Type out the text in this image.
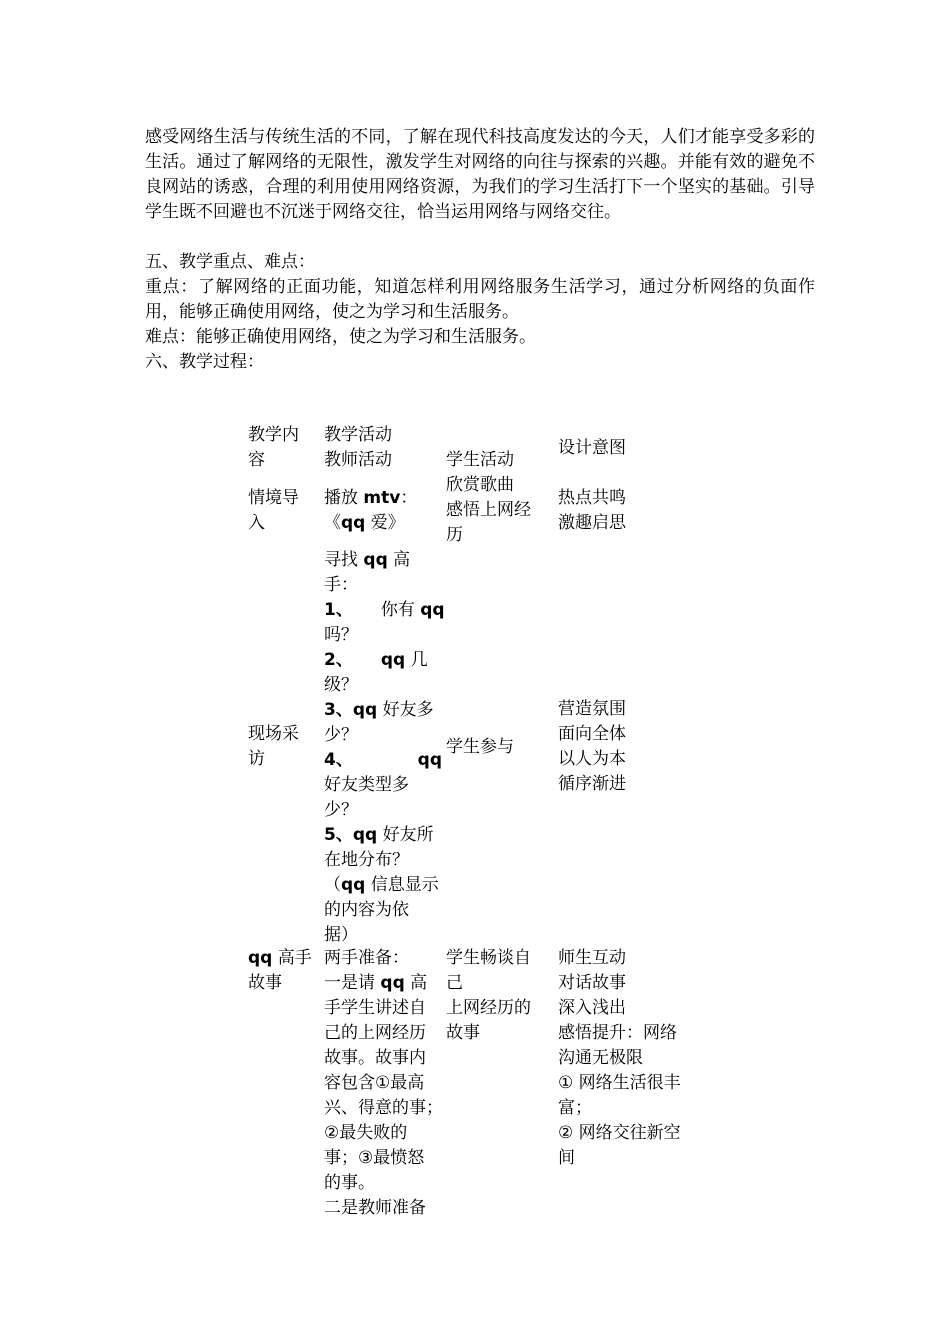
感受网络生活与传统生活的不同，了解在现代科技高度发达的今天，人们才能享受多彩的生活。通过了解网络的无限性，激发学生对网络的向往与探索的兴趣。并能有效的避免不良网站的诱惑，合理的利用使用网络资源，为我们的学习生活打下一个坚实的基础。引导学生既不回避也不沉迷于网络交往，恰当运用网络与网络交往。

五、教学重点、难点：

重点：了解网络的正面功能，知道怎样利用网络服务生活学习，通过分析网络的负面作用，能够正确使用网络，使之为学习和生活服务。

难点：能够正确使用网络，使之为学习和生活服务。

六、教学过程：

教学内

容

教学活动

教师活动	学生活动

设计意图

情境导

入

播放 mtv：

《qq 爱》

欣赏歌曲

感悟上网经

历

热点共鸣

激趣启思

现场采

访

寻找 qq 高

手：

1、 你有 qq

吗？

2、 qq 几

级？

3、qq 好友多

少？

4、	qq

好友类型多

少？

5、qq 好友所

在地分布？

（qq 信息显示

的内容为依

据）

学生参与

营造氛围

面向全体

以人为本

循序渐进

qq 高手

故事

两手准备：

一是请 qq 高

手学生讲述自

己的上网经历

故事。故事内

容包含①最高

兴、得意的事；

②最失败的

事；③最愤怒

的事。

二是教师准备

学生畅谈自

己

上网经历的

故事

师生互动

对话故事

深入浅出

感悟提升：网络

沟通无极限

① 网络生活很丰

富；

② 网络交往新空

间
